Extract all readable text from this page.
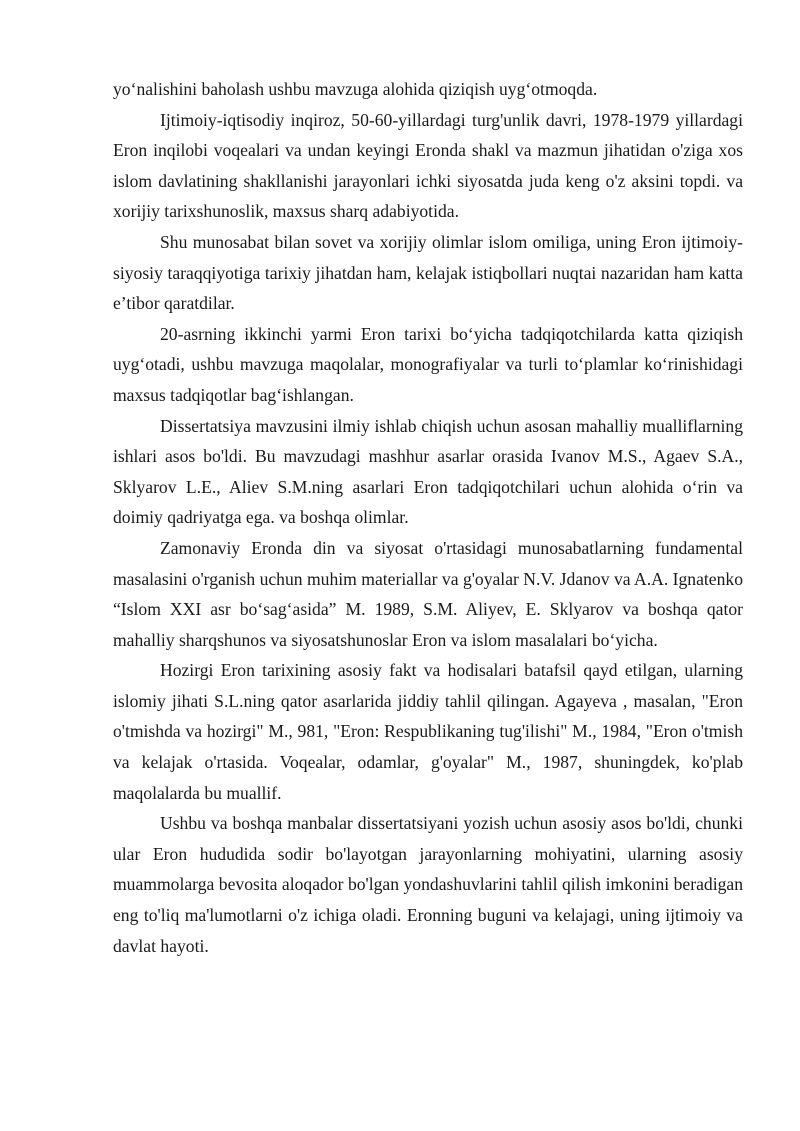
yo‘nalishini baholash ushbu mavzuga alohida qiziqish uyg‘otmoqda.

Ijtimoiy-iqtisodiy inqiroz, 50-60-yillardagi turg'unlik davri, 1978-1979 yillardagi Eron inqilobi voqealari va undan keyingi Eronda shakl va mazmun jihatidan o'ziga xos islom davlatining shakllanishi jarayonlari ichki siyosatda juda keng o'z aksini topdi. va xorijiy tarixshunoslik, maxsus sharq adabiyotida.

Shu munosabat bilan sovet va xorijiy olimlar islom omiliga, uning Eron ijtimoiy-siyosiy taraqqiyotiga tarixiy jihatdan ham, kelajak istiqbollari nuqtai nazaridan ham katta e’tibor qaratdilar.

20-asrning ikkinchi yarmi Eron tarixi bo‘yicha tadqiqotchilarda katta qiziqish uyg‘otadi, ushbu mavzuga maqolalar, monografiyalar va turli to‘plamlar ko‘rinishidagi maxsus tadqiqotlar bag‘ishlangan.

Dissertatsiya mavzusini ilmiy ishlab chiqish uchun asosan mahalliy mualliflarning ishlari asos bo'ldi. Bu mavzudagi mashhur asarlar orasida Ivanov M.S., Agaev S.A., Sklyarov L.E., Aliev S.M.ning asarlari Eron tadqiqotchilari uchun alohida o‘rin va doimiy qadriyatga ega. va boshqa olimlar.

Zamonaviy Eronda din va siyosat o'rtasidagi munosabatlarning fundamental masalasini o'rganish uchun muhim materiallar va g'oyalar N.V. Jdanov va A.A. Ignatenko “Islom XXI asr bo‘sag‘asida” M. 1989, S.M. Aliyev, E. Sklyarov va boshqa qator mahalliy sharqshunos va siyosatshunoslar Eron va islom masalalari bo‘yicha.

Hozirgi Eron tarixining asosiy fakt va hodisalari batafsil qayd etilgan, ularning islomiy jihati S.L.ning qator asarlarida jiddiy tahlil qilingan. Agayeva , masalan, "Eron o'tmishda va hozirgi" M., 981, "Eron: Respublikaning tug'ilishi" M., 1984, "Eron o'tmish va kelajak o'rtasida. Voqealar, odamlar, g'oyalar" M., 1987, shuningdek, ko'plab maqolalarda bu muallif.

Ushbu va boshqa manbalar dissertatsiyani yozish uchun asosiy asos bo'ldi, chunki ular Eron hududida sodir bo'layotgan jarayonlarning mohiyatini, ularning asosiy muammolarga bevosita aloqador bo'lgan yondashuvlarini tahlil qilish imkonini beradigan eng to'liq ma'lumotlarni o'z ichiga oladi. Eronning buguni va kelajagi, uning ijtimoiy va davlat hayoti.
